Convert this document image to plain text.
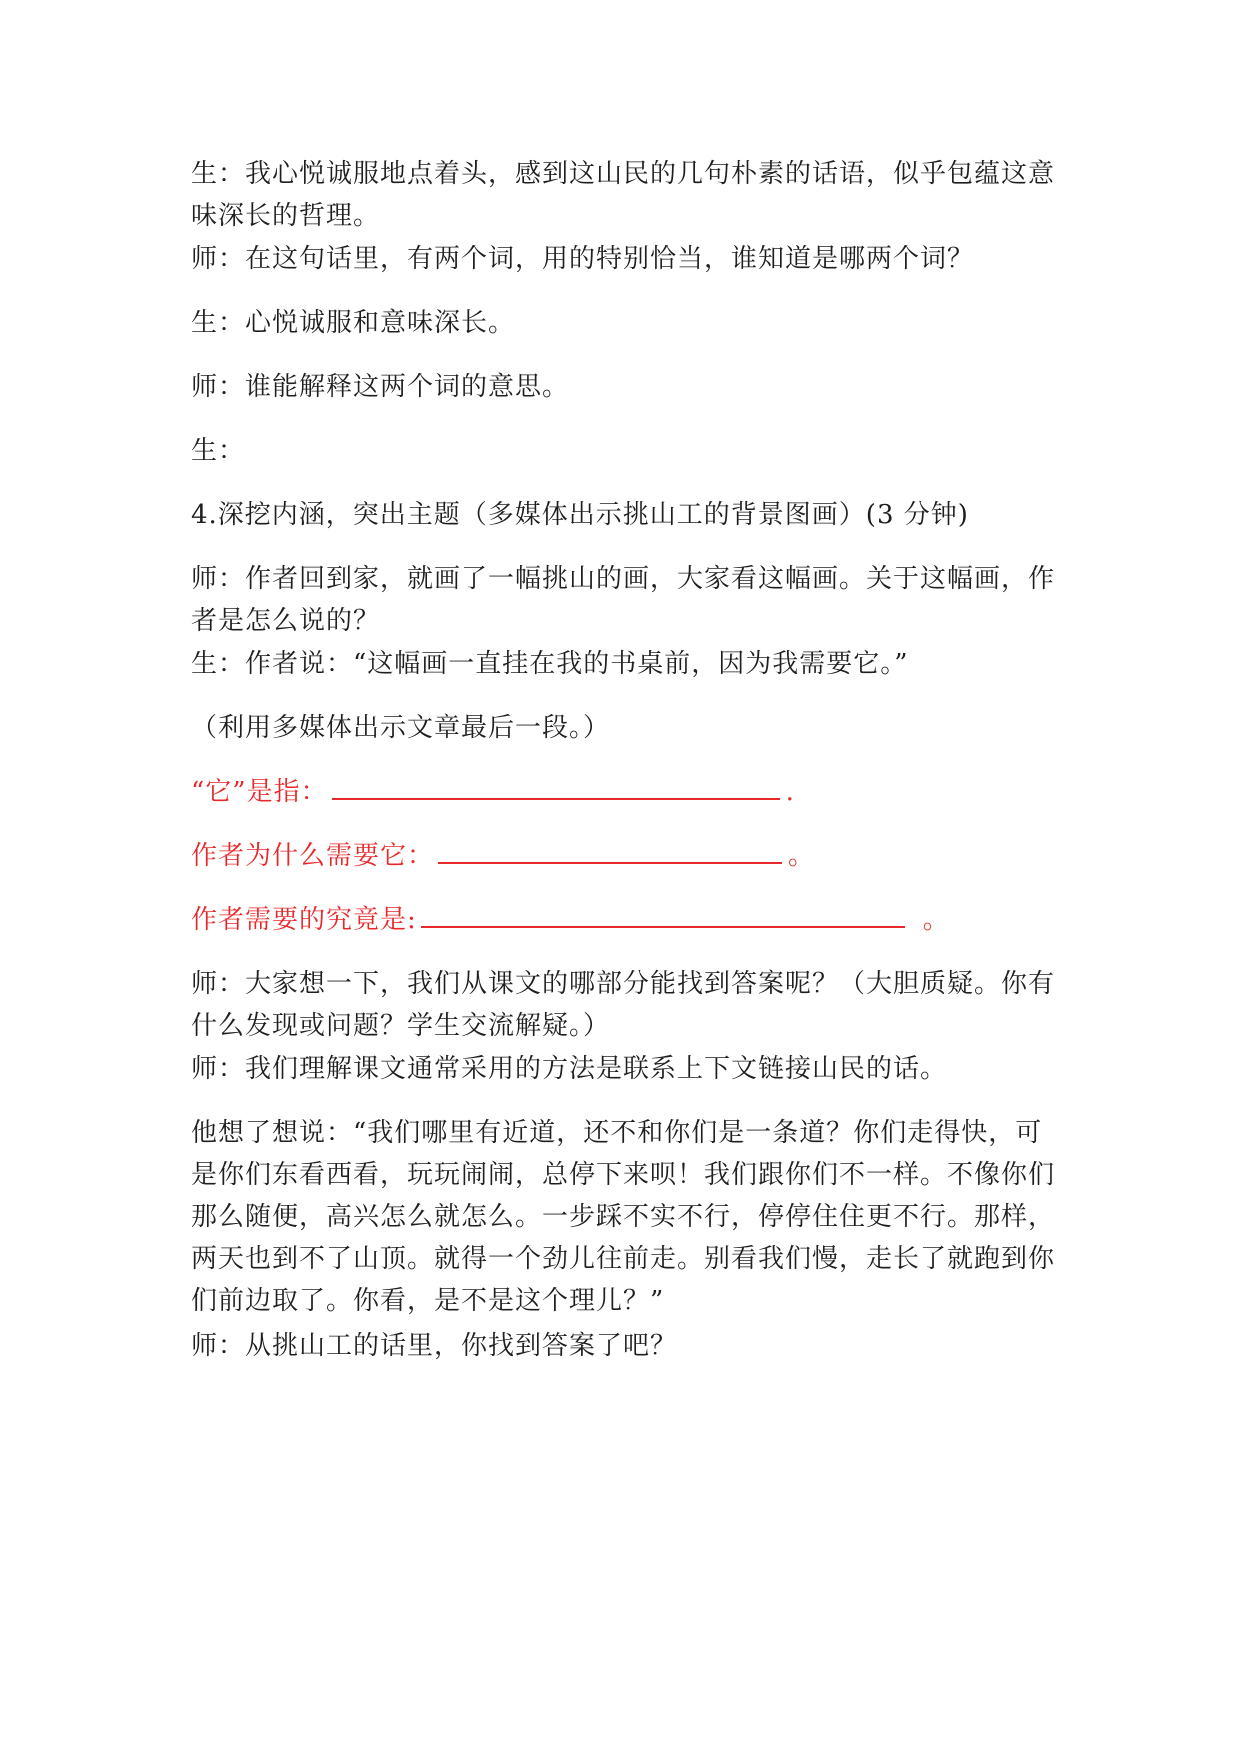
生：我心悦诚服地点着头，感到这山民的几句朴素的话语，似乎包蕴这意味深长的哲理。
师：在这句话里，有两个词，用的特别恰当，谁知道是哪两个词？
生：心悦诚服和意味深长。
师：谁能解释这两个词的意思。
生：
4.深挖内涵，突出主题（多媒体出示挑山工的背景图画）(3 分钟)
师：作者回到家，就画了一幅挑山的画，大家看这幅画。关于这幅画，作者是怎么说的？
生：作者说：“这幅画一直挂在我的书桌前，因为我需要它。”
（利用多媒体出示文章最后一段。）
“它”是指：	.
作者为什么需要它：	。
作者需要的究竟是:	。
师：大家想一下，我们从课文的哪部分能找到答案呢？（大胆质疑。你有什么发现或问题？学生交流解疑。）
师：我们理解课文通常采用的方法是联系上下文链接山民的话。
他想了想说：“我们哪里有近道，还不和你们是一条道？你们走得快，可是你们东看西看，玩玩闹闹，总停下来呗！我们跟你们不一样。不像你们那么随便，高兴怎么就怎么。一步踩不实不行，停停住住更不行。那样，两天也到不了山顶。就得一个劲儿往前走。别看我们慢，走长了就跑到你们前边取了。你看，是不是这个理儿？”
师：从挑山工的话里，你找到答案了吧？
